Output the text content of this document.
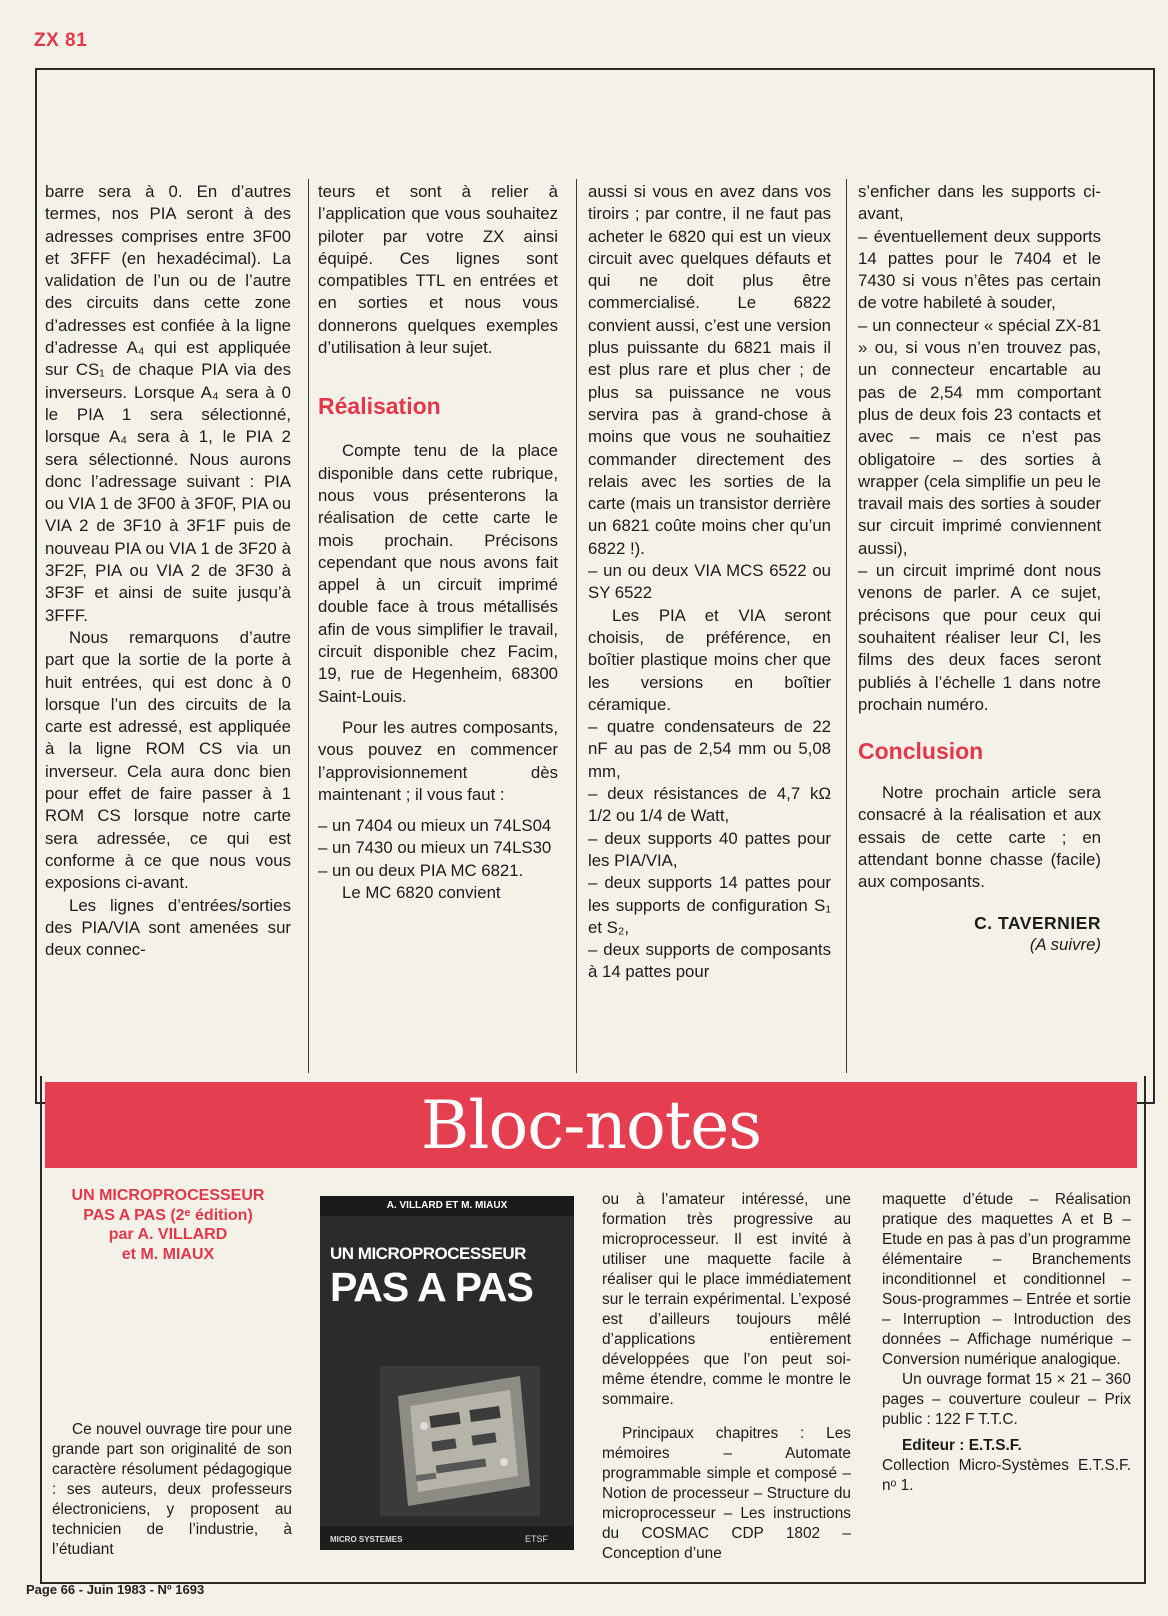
ZX 81

barre sera à 0. En d’autres termes, nos PIA seront à des adresses comprises entre 3F00 et 3FFF (en hexadécimal). La validation de l’un ou de l’autre des circuits dans cette zone d’adresses est confiée à la ligne d’adresse A₄ qui est appliquée sur CS₁ de chaque PIA via des inverseurs. Lorsque A₄ sera à 0 le PIA 1 sera sélectionné, lorsque A₄ sera à 1, le PIA 2 sera sélectionné. Nous aurons donc l’adressage suivant : PIA ou VIA 1 de 3F00 à 3F0F, PIA ou VIA 2 de 3F10 à 3F1F puis de nouveau PIA ou VIA 1 de 3F20 à 3F2F, PIA ou VIA 2 de 3F30 à 3F3F et ainsi de suite jusqu’à 3FFF.

Nous remarquons d’autre part que la sortie de la porte à huit entrées, qui est donc à 0 lorsque l’un des circuits de la carte est adressé, est appliquée à la ligne ROM CS via un inverseur. Cela aura donc bien pour effet de faire passer à 1 ROM CS lorsque notre carte sera adressée, ce qui est conforme à ce que nous vous exposions ci-avant.

Les lignes d’entrées/sorties des PIA/VIA sont amenées sur deux connec-

teurs et sont à relier à l’application que vous souhaitez piloter par votre ZX ainsi équipé. Ces lignes sont compatibles TTL en entrées et en sorties et nous vous donnerons quelques exemples d’utilisation à leur sujet.

Réalisation

Compte tenu de la place disponible dans cette rubrique, nous vous présenterons la réalisation de cette carte le mois prochain. Précisons cependant que nous avons fait appel à un circuit imprimé double face à trous métallisés afin de vous simplifier le travail, circuit disponible chez Facim, 19, rue de Hegenheim, 68300 Saint-Louis.

Pour les autres composants, vous pouvez en commencer l’approvisionnement dès maintenant ; il vous faut :

– un 7404 ou mieux un 74LS04
– un 7430 ou mieux un 74LS30
– un ou deux PIA MC 6821.

Le MC 6820 convient

aussi si vous en avez dans vos tiroirs ; par contre, il ne faut pas acheter le 6820 qui est un vieux circuit avec quelques défauts et qui ne doit plus être commercialisé. Le 6822 convient aussi, c’est une version plus puissante du 6821 mais il est plus rare et plus cher ; de plus sa puissance ne vous servira pas à grand-chose à moins que vous ne souhaitiez commander directement des relais avec les sorties de la carte (mais un transistor derrière un 6821 coûte moins cher qu’un 6822 !).

– un ou deux VIA MCS 6522 ou SY 6522

Les PIA et VIA seront choisis, de préférence, en boîtier plastique moins cher que les versions en boîtier céramique.

– quatre condensateurs de 22 nF au pas de 2,54 mm ou 5,08 mm,
– deux résistances de 4,7 kΩ 1/2 ou 1/4 de Watt,
– deux supports 40 pattes pour les PIA/VIA,
– deux supports 14 pattes pour les supports de configuration S₁ et S₂,
– deux supports de composants à 14 pattes pour
s’enficher dans les supports ci-avant,
– éventuellement deux supports 14 pattes pour le 7404 et le 7430 si vous n’êtes pas certain de votre habileté à souder,
– un connecteur « spécial ZX-81 » ou, si vous n’en trouvez pas, un connecteur encartable au pas de 2,54 mm comportant plus de deux fois 23 contacts et avec – mais ce n’est pas obligatoire – des sorties à wrapper (cela simplifie un peu le travail mais des sorties à souder sur circuit imprimé conviennent aussi),
– un circuit imprimé dont nous venons de parler. A ce sujet, précisons que pour ceux qui souhaitent réaliser leur CI, les films des deux faces seront publiés à l’échelle 1 dans notre prochain numéro.
Conclusion

Notre prochain article sera consacré à la réalisation et aux essais de cette carte ; en attendant bonne chasse (facile) aux composants.

C. TAVERNIER
(A suivre)
Bloc-notes
UN MICROPROCESSEUR
PAS A PAS (2ᵉ édition)
par A. VILLARD
et M. MIAUX

Ce nouvel ouvrage tire pour une grande part son originalité de son caractère résolument pédagogique : ses auteurs, deux professeurs électroniciens, y proposent au technicien de l’industrie, à l’étudiant

A. VILLARD ET M. MIAUX
UN MICROPROCESSEUR
PAS A PAS
MICRO SYSTEMES	ETSF

ou à l’amateur intéressé, une formation très progressive au microprocesseur. Il est invité à utiliser une maquette facile à réaliser qui le place immédiatement sur le terrain expérimental. L’exposé est d’ailleurs toujours mêlé d’applications entièrement développées que l’on peut soi-même étendre, comme le montre le sommaire.

Principaux chapitres : Les mémoires – Automate programmable simple et composé – Notion de processeur – Structure du microprocesseur – Les instructions du COSMAC CDP 1802 – Conception d’une

maquette d’étude – Réalisation pratique des maquettes A et B – Etude en pas à pas d’un programme élémentaire – Branchements inconditionnel et conditionnel – Sous-programmes – Entrée et sortie – Interruption – Introduction des données – Affichage numérique – Conversion numérique analogique.

Un ouvrage format 15 × 21 – 360 pages – couverture couleur – Prix public : 122 F T.T.C.

Editeur : E.T.S.F.

Collection Micro-Systèmes E.T.S.F. nᵒ 1.

Page 66 - Juin 1983 - Nº 1693
